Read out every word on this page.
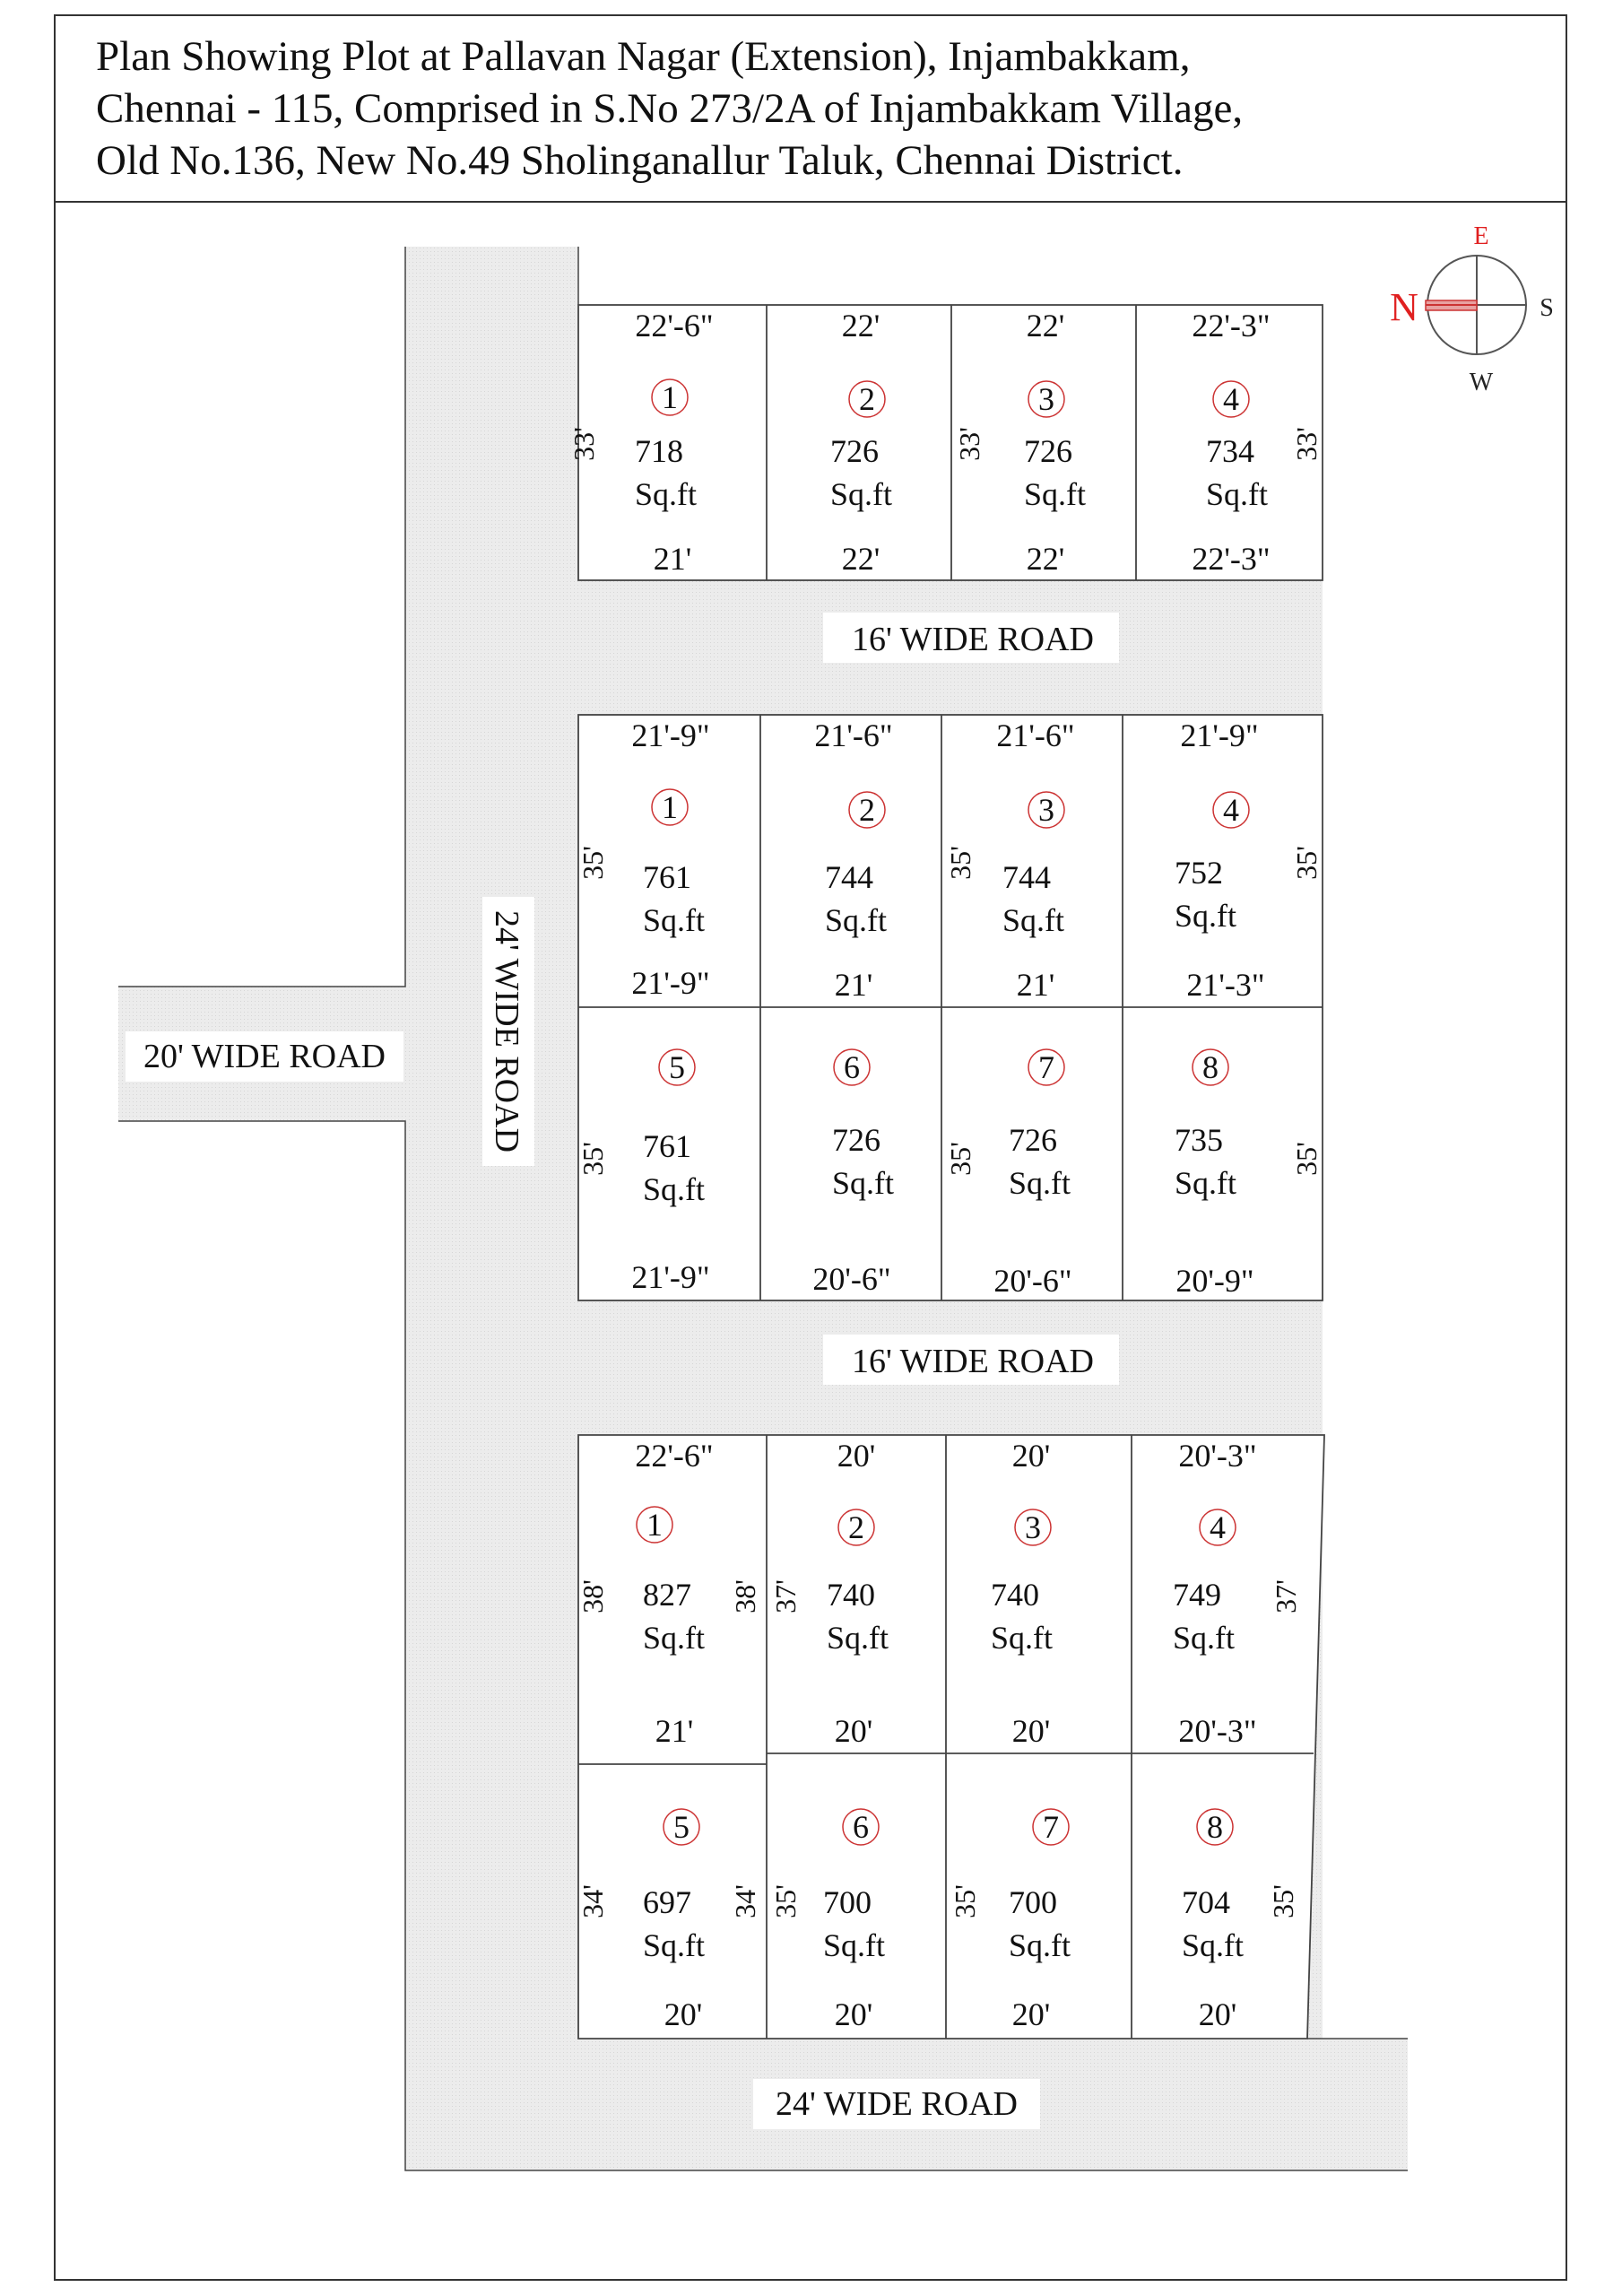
Plan Showing Plot at Pallavan Nagar (Extension), Injambakkam,
Chennai - 115, Comprised in S.No 273/2A of Injambakkam Village,
Old No.136, New No.49 Sholinganallur Taluk, Chennai District.
16' WIDE ROAD
16' WIDE ROAD
20' WIDE ROAD	24' WIDE ROAD
24' WIDE ROAD
E
S
W
N
22'-6"
1
718
Sq.ft
21'
22'
2
726
Sq.ft
22'
22'
3
726
Sq.ft
22'
22'-3"
4
734
Sq.ft
22'-3"
33'	33'	33'
21'-9"	21'-6"	21'-6"	21'-9"
1	2	3	4
761
Sq.ft
744
Sq.ft
744
Sq.ft
752
Sq.ft
21'-9"	21'	21'	21'-3"
5	6	7	8
761
Sq.ft
726
Sq.ft
726
Sq.ft
735
Sq.ft
21'-9"	20'-6"	20'-6"	20'-9"
35'	35'	35'
35'	35'	35'
22'-6"	20'	20'	20'-3"
1	2	3	4
827
Sq.ft
740
Sq.ft
740
Sq.ft
749
Sq.ft
21'	20'	20'	20'-3"
5	6	7	8
697
Sq.ft
700
Sq.ft
700
Sq.ft
704
Sq.ft
20'	20'	20'	20'
38'	38' 37'	37'
34'	34' 35'	35'	35'
